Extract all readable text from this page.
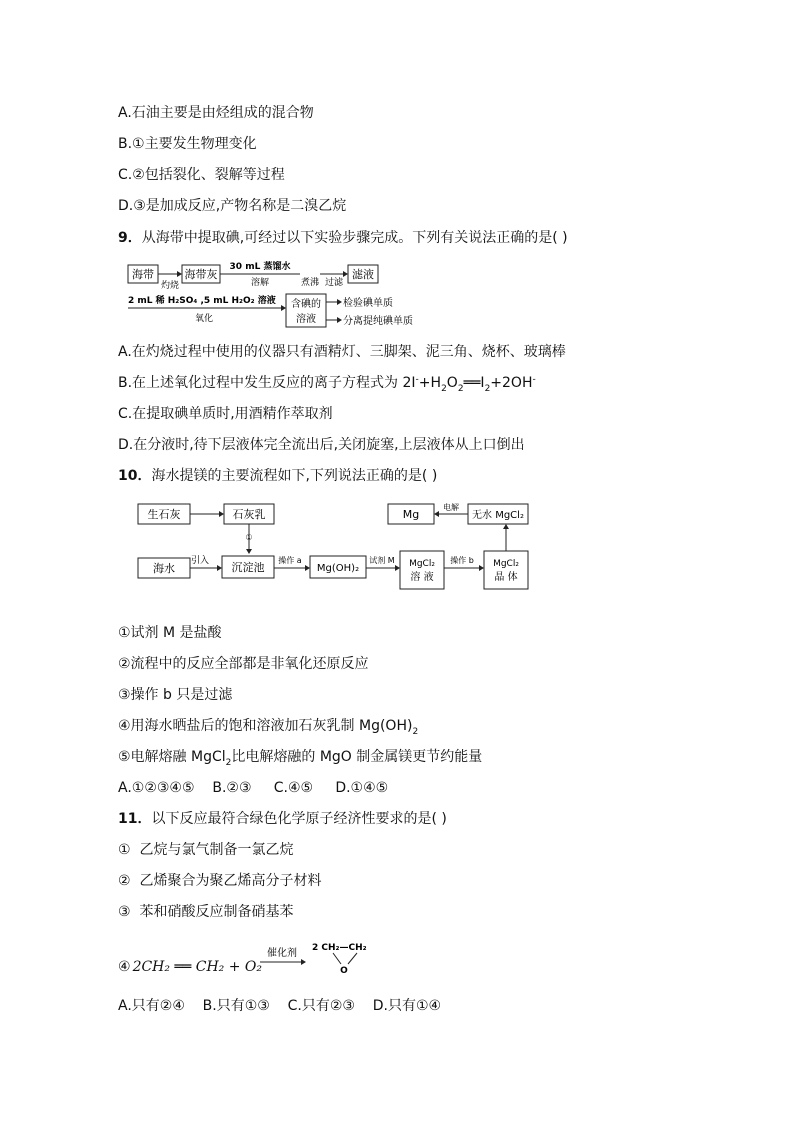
A.石油主要是由烃组成的混合物
B.①主要发生物理变化
C.②包括裂化、裂解等过程
D.③是加成反应,产物名称是二溴乙烷
9．从海带中提取碘,可经过以下实验步骤完成。下列有关说法正确的是( )
海带
灼烧
海带灰
30 mL 蒸馏水
溶解	煮沸 过滤
滤液
2 mL 稀 H₂SO₄ ,5 mL H₂O₂ 溶液
氧化
含碘的
溶液
检验碘单质
分离提纯碘单质
A.在灼烧过程中使用的仪器只有酒精灯、三脚架、泥三角、烧杯、玻璃棒
B.在上述氧化过程中发生反应的离子方程式为 $2I^-+H_2O_2══I_2+2OH^-$
C.在提取碘单质时,用酒精作萃取剂
D.在分液时,待下层液体完全流出后,关闭旋塞,上层液体从上口倒出
10．海水提镁的主要流程如下,下列说法正确的是( )
生石灰	石灰乳
①
海水
引入 沉淀池
操作 a
Mg(OH)₂
试剂 M MgCl₂
溶 液
操作 b MgCl₂
晶 体
无水 MgCl₂
电解
Mg
①试剂 M 是盐酸
②流程中的反应全部都是非氧化还原反应
③操作 b 只是过滤
④用海水晒盐后的饱和溶液加石灰乳制 $Mg(OH)_2$
⑤电解熔融 MgCl$_2$比电解熔融的 MgO 制金属镁更节约能量
A.①②③④⑤    B.②③     C.④⑤     D.①④⑤
11．以下反应最符合绿色化学原子经济性要求的是( )
①  乙烷与氯气制备一氯乙烷
②  乙烯聚合为聚乙烯高分子材料
③  苯和硝酸反应制备硝基苯
④ 2CH₂ ══ CH₂ + O₂
催化剂 2 CH₂—CH₂
O
A.只有②④    B.只有①③    C.只有②③    D.只有①④
